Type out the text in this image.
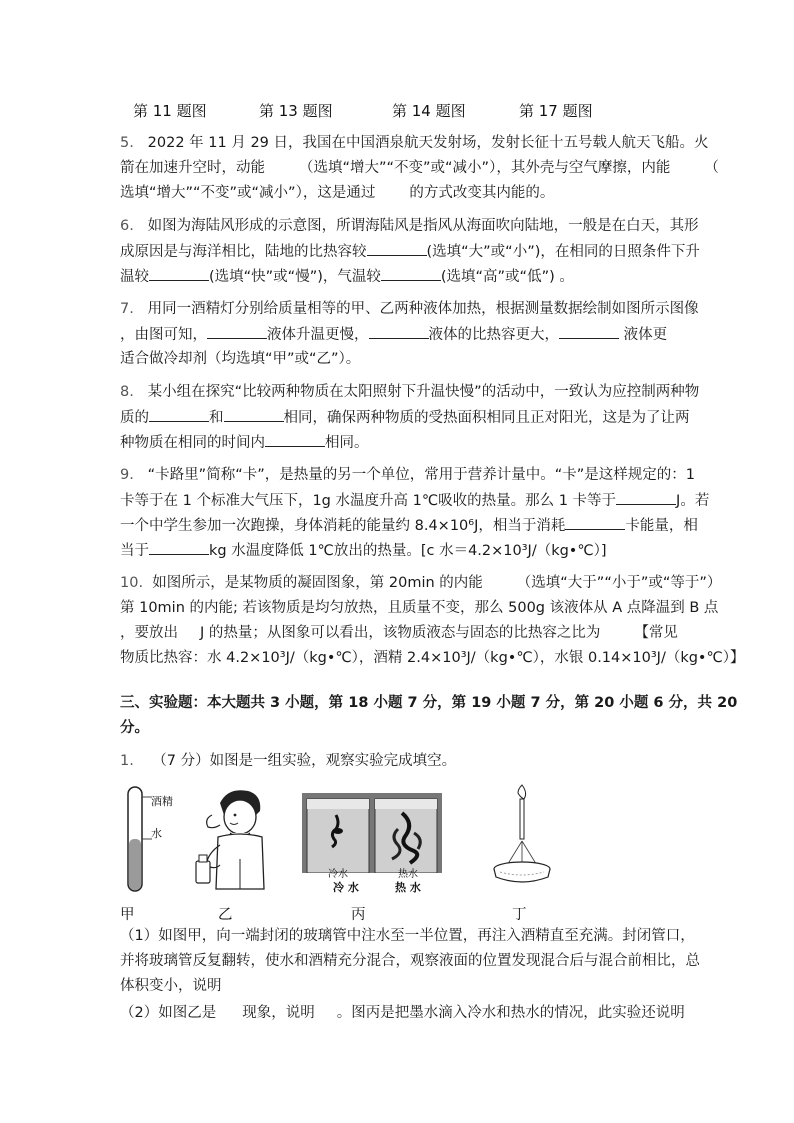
第 11 题图	第 13 题图	第 14 题图	第 17 题图
5. 2022 年 11 月 29 日，我国在中国酒泉航天发射场，发射长征十五号载人航天飞船。火
箭在加速升空时，动能 （选填“增大”“不变”或“减小”），其外壳与空气摩擦，内能 （
选填“增大”“不变”或“减小”），这是通过 的方式改变其内能的。
6. 如图为海陆风形成的示意图，所谓海陆风是指风从海面吹向陆地，一般是在白天，其形
成原因是与海洋相比，陆地的比热容较	(选填“大”或“小”)，在相同的日照条件下升
温较	(选填“快”或“慢”)，气温较	(选填“高”或“低”) 。
7. 用同一酒精灯分别给质量相等的甲、乙两种液体加热，根据测量数据绘制如图所示图像
，由图可知，	液体升温更慢，	液体的比热容更大，	液体更
适合做冷却剂（均选填“甲”或“乙”）。
8. 某小组在探究“比较两种物质在太阳照射下升温快慢”的活动中，一致认为应控制两种物
质的	和	相同，确保两种物质的受热面积相同且正对阳光，这是为了让两
种物质在相同的时间内	相同。
9. “卡路里”简称“卡”，是热量的另一个单位，常用于营养计量中。“卡”是这样规定的：1
卡等于在 1 个标准大气压下，1g 水温度升高 1℃吸收的热量。那么 1 卡等于	J。若
一个中学生参加一次跑操，身体消耗的能量约 8.4×10⁶J，相当于消耗	卡能量，相
当于	kg 水温度降低 1℃放出的热量。[c 水＝4.2×10³J/（kg•℃）]
10. 如图所示，是某物质的凝固图象，第 20min 的内能 （选填“大于”“小于”或“等于”）
第 10min 的内能; 若该物质是均匀放热，且质量不变，那么 500g 该液体从 A 点降温到 B 点
，要放出 J 的热量；从图象可以看出，该物质液态与固态的比热容之比为 【常见
物质比热容：水 4.2×10³J/（kg•℃），酒精 2.4×10³J/（kg•℃），水银 0.14×10³J/（kg•℃）】
三、实验题：本大题共 3 小题，第 18 小题 7 分，第 19 小题 7 分，第 20 小题 6 分，共 20
分。
1. （7 分）如图是一组实验，观察实验完成填空。
酒精
水
冷水	热水
冷 水	热 水
甲	乙	丙	丁
（1）如图甲，向一端封闭的玻璃管中注水至一半位置，再注入酒精直至充满。封闭管口，
并将玻璃管反复翻转，使水和酒精充分混合，观察液面的位置发现混合后与混合前相比，总
体积变小，说明
（2）如图乙是 现象，说明 。图丙是把墨水滴入冷水和热水的情况，此实验还说明
